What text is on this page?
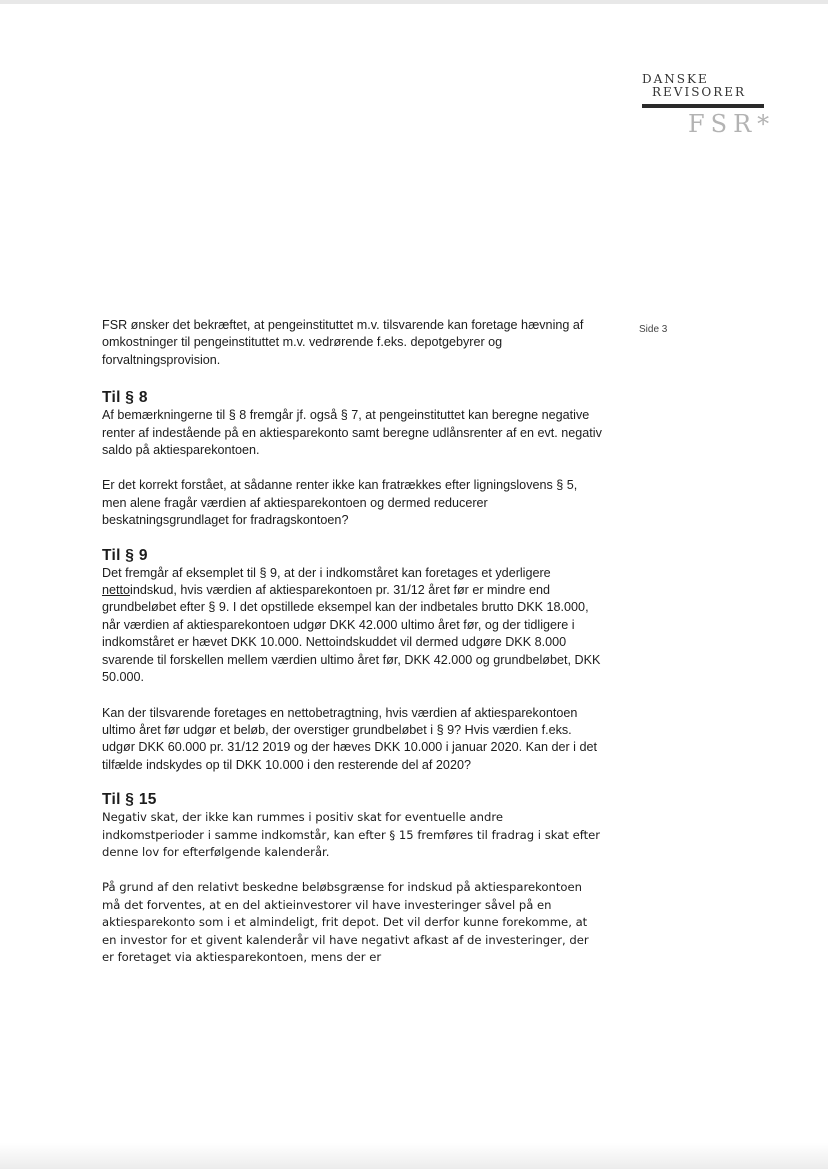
DANSKE
REVISORER
FSR*
Side 3

FSR ønsker det bekræftet, at pengeinstituttet m.v. tilsvarende kan foretage hævning af omkostninger til pengeinstituttet m.v. vedrørende f.eks. depotgebyrer og forvaltningsprovision.

Til § 8

Af bemærkningerne til § 8 fremgår jf. også § 7, at pengeinstituttet kan beregne negative renter af indestående på en aktiesparekonto samt beregne udlånsrenter af en evt. negativ saldo på aktiesparekontoen.

Er det korrekt forstået, at sådanne renter ikke kan fratrækkes efter ligningslovens § 5, men alene fragår værdien af aktiesparekontoen og dermed reducerer beskatningsgrundlaget for fradragskontoen?

Til § 9

Det fremgår af eksemplet til § 9, at der i indkomståret kan foretages et yderligere nettoindskud, hvis værdien af aktiesparekontoen pr. 31/12 året før er mindre end grundbeløbet efter § 9. I det opstillede eksempel kan der indbetales brutto DKK 18.000, når værdien af aktiesparekontoen udgør DKK 42.000 ultimo året før, og der tidligere i indkomståret er hævet DKK 10.000. Nettoindskuddet vil dermed udgøre DKK 8.000 svarende til forskellen mellem værdien ultimo året før, DKK 42.000 og grundbeløbet, DKK 50.000.

Kan der tilsvarende foretages en nettobetragtning, hvis værdien af aktiesparekontoen ultimo året før udgør et beløb, der overstiger grundbeløbet i § 9? Hvis værdien f.eks. udgør DKK 60.000 pr. 31/12 2019 og der hæves DKK 10.000 i januar 2020. Kan der i det tilfælde indskydes op til DKK 10.000 i den resterende del af 2020?

Til § 15

Negativ skat, der ikke kan rummes i positiv skat for eventuelle andre indkomstperioder i samme indkomstår, kan efter § 15 fremføres til fradrag i skat efter denne lov for efterfølgende kalenderår.

På grund af den relativt beskedne beløbsgrænse for indskud på aktiesparekontoen må det forventes, at en del aktieinvestorer vil have investeringer såvel på en aktiesparekonto som i et almindeligt, frit depot. Det vil derfor kunne forekomme, at en investor for et givent kalenderår vil have negativt afkast af de investeringer, der er foretaget via aktiesparekontoen, mens der er
